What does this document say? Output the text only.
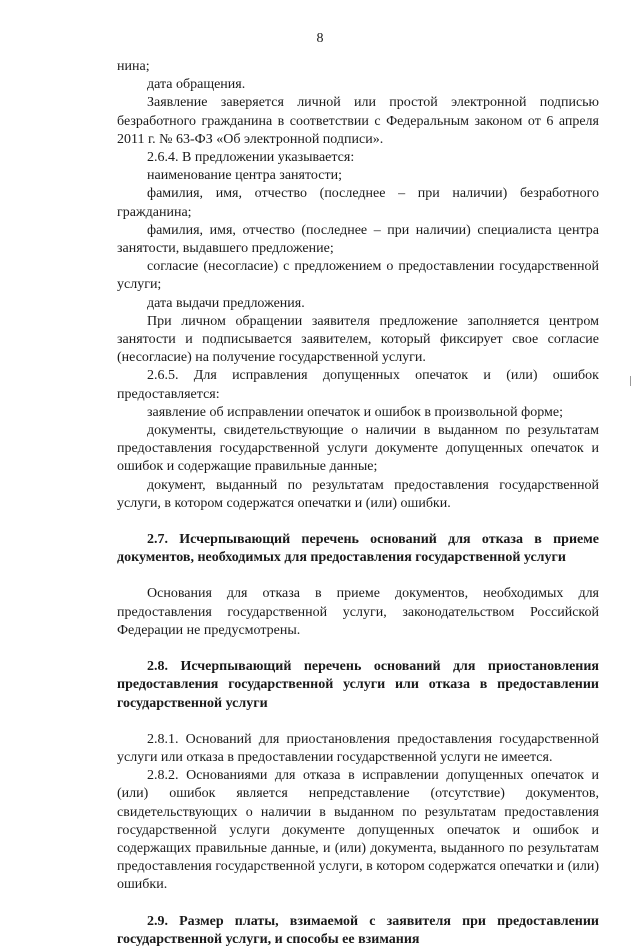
8

нина;

дата обращения.

Заявление заверяется личной или простой электронной подписью безработного гражданина в соответствии с Федеральным законом от 6 апреля 2011 г. № 63-ФЗ «Об электронной подписи».

2.6.4. В предложении указывается:

наименование центра занятости;

фамилия, имя, отчество (последнее – при наличии) безработного гражданина;

фамилия, имя, отчество (последнее – при наличии) специалиста центра занятости, выдавшего предложение;

согласие (несогласие) с предложением о предоставлении государственной услуги;

дата выдачи предложения.

При личном обращении заявителя предложение заполняется центром занятости и подписывается заявителем, который фиксирует свое согласие (несогласие) на получение государственной услуги.

2.6.5. Для исправления допущенных опечаток и (или) ошибок предоставляется:

заявление об исправлении опечаток и ошибок в произвольной форме;

документы, свидетельствующие о наличии в выданном по результатам предоставления государственной услуги документе допущенных опечаток и ошибок и содержащие правильные данные;

документ, выданный по результатам предоставления государственной услуги, в котором содержатся опечатки и (или) ошибки.

2.7. Исчерпывающий перечень оснований для отказа в приеме документов, необходимых для предоставления государственной услуги

Основания для отказа в приеме документов, необходимых для предоставления государственной услуги, законодательством Российской Федерации не предусмотрены.

2.8. Исчерпывающий перечень оснований для приостановления предоставления государственной услуги или отказа в предоставлении государственной услуги

2.8.1. Оснований для приостановления предоставления государственной услуги или отказа в предоставлении государственной услуги не имеется.

2.8.2. Основаниями для отказа в исправлении допущенных опечаток и (или) ошибок является непредставление (отсутствие) документов, свидетельствующих о наличии в выданном по результатам предоставления государственной услуги документе допущенных опечаток и ошибок и содержащих правильные данные, и (или) документа, выданного по результатам предоставления государственной услуги, в котором содержатся опечатки и (или) ошибки.

2.9. Размер платы, взимаемой с заявителя при предоставлении государственной услуги, и способы ее взимания
